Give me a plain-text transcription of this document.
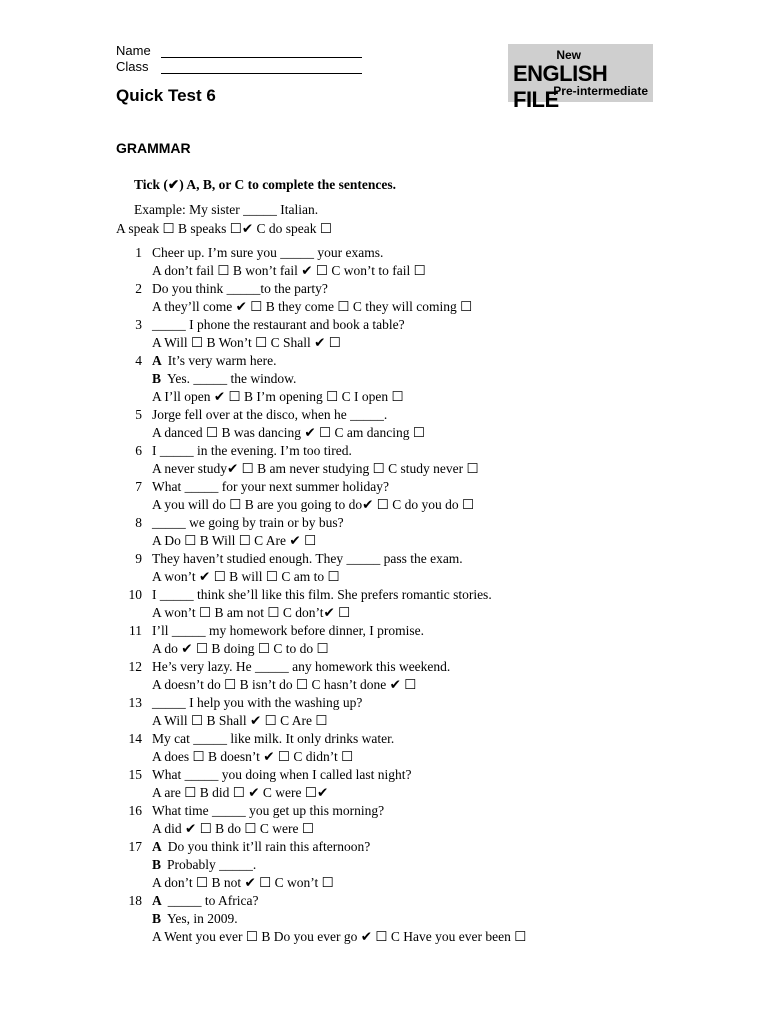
Name
Class
New
ENGLISH FILE
Pre-intermediate
Quick Test 6
GRAMMAR
Tick (✔) A, B, or C to complete the sentences.
Example: My sister _____ Italian.
A speak ☐ B speaks ☐✔ C do speak ☐
1 Cheer up. I’m sure you _____ your exams.
A don’t fail ☐ B won’t fail ✔ ☐ C won’t to fail ☐
2 Do you think _____to the party?
A they’ll come ✔ ☐ B they come ☐ C they will coming ☐
3 _____ I phone the restaurant and book a table?
A Will ☐ B Won’t ☐ C Shall ✔ ☐
4 A It’s very warm here.
B Yes. _____ the window.
A I’ll open ✔ ☐ B I’m opening ☐ C I open ☐
5 Jorge fell over at the disco, when he _____.
A danced ☐ B was dancing ✔ ☐ C am dancing ☐
6 I _____ in the evening. I’m too tired.
A never study✔ ☐ B am never studying ☐ C study never ☐
7 What _____ for your next summer holiday?
A you will do ☐ B are you going to do✔ ☐ C do you do ☐
8 _____ we going by train or by bus?
A Do ☐ B Will ☐ C Are ✔ ☐
9 They haven’t studied enough. They _____ pass the exam.
A won’t ✔ ☐ B will ☐ C am to ☐
10 I _____ think she’ll like this film. She prefers romantic stories.
A won’t ☐ B am not ☐ C don’t✔ ☐
11 I’ll _____ my homework before dinner, I promise.
A do ✔ ☐ B doing ☐ C to do ☐
12 He’s very lazy. He _____ any homework this weekend.
A doesn’t do ☐ B isn’t do ☐ C hasn’t done ✔ ☐
13 _____ I help you with the washing up?
A Will ☐ B Shall ✔ ☐ C Are ☐
14 My cat _____ like milk. It only drinks water.
A does ☐ B doesn’t ✔ ☐ C didn’t ☐
15 What _____ you doing when I called last night?
A are ☐ B did ☐ ✔ C were ☐✔
16 What time _____ you get up this morning?
A did ✔ ☐ B do ☐ C were ☐
17 A Do you think it’ll rain this afternoon?
B Probably _____.
A don’t ☐ B not ✔ ☐ C won’t ☐
18 A _____ to Africa?
B Yes, in 2009.
A Went you ever ☐ B Do you ever go ✔ ☐ C Have you ever been ☐
